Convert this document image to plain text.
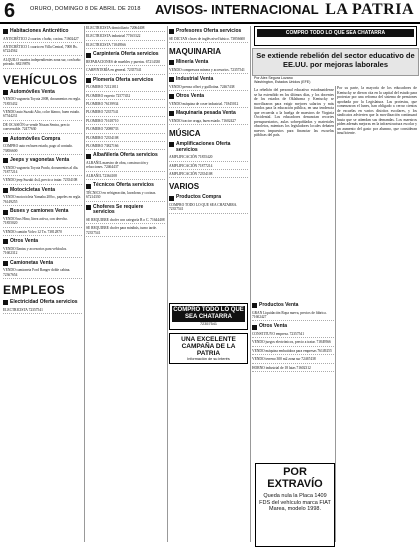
6	ORURO, DOMINGO 8 DE ABRIL DE 2018 AVISOS- INTERNACIONAL LA PATRIA
Habitaciones Anticrético
ANTICRÉTICO 2 cuartos c baño, cocina. 71602427
ANTICRÉTICO 1 cuarto en Villa Central, 7000 Bs. 67224562
ALQUILO cuartos independientes zona sur, con baño privado. 68219876
VEHÍCULOS
Automóviles Venta
VENDO vagoneta Toyota 2008, documentos en regla. 71855432
VENDO auto Suzuki Alto, color blanco, buen estado. 67544231
DE OCASIÓN se vende Nissan Sentra, precio conversable. 72477630
Automóviles Compra
COMPRO auto en buen estado, pago al contado. 73856600
Jeeps y vagonetas Venta
VENDO vagoneta Toyota Prado, documentos al día. 71877214
VENDO jeep Suzuki 4x4, precio a tratar. 72354108
Motocicletas Venta
VENDO motocicleta Yamaha 200cc, papeles en regla. 76149255
Buses y camiones Venta
VENDO bus Hino, línea activa, con derecho. 71855020
VENDO camión Volvo 12 Tn. 73812870
Otros Venta
VENDO llantas y accesorios para vehículos. 71602312
Camionetas Venta
VENDO camioneta Ford Ranger doble cabina. 72367654
EMPLEOS
Electricidad Oferta servicios
ELECTRICISTA 72357541
ELECTRICISTA domiciliario 72064408
ELECTRICISTA industrial 77165322
ELECTRICISTA 71849566
Carpintería Oferta servicios
REPARACIONES de muebles y puertas. 67214330
CARPINTERÍA en general. 72357541
Plomería Oferta servicios
PLOMERO 72121811
PLOMERO experto 72577452
PLOMERO 76139934
PLOMERO 72357541
PLOMERO 71618710
PLOMERO 72088733
PLOMERO 72354108
PLOMERO 73827166
Albañilería Oferta servicios
ALBAÑIL maestro de obra, construcción y refacciones. 72464437
ALBAÑIL 72364108
Técnicos Oferta servicios
TÉCNICO en refrigeración, lavadoras y cocinas. 67214330
Choferes Se requiere servicios
SE REQUIERE chofer con categoría B o C. 71644408
SE REQUIERE chofer para minibús, turno tarde. 72357541
Profesores Oferta servicios
SE DICTAN clases de inglés nivel básico. 73856600
MAQUINARIA
Minería Venta
VENDO compresora minera y accesorios. 72357541
Industrial Venta
VENDO prensa offset y guillotina. 72467438
Otros Venta
VENDO máquina de coser industrial. 71845012
Maquinaria pesada Venta
VENDO tractor oruga, buen estado. 71602427
MÚSICA
Amplificaciones Oferta servicios
AMPLIFICACIÓN 71855420
AMPLIFICACIÓN 71877214
AMPLIFICACIÓN 72354108
VARIOS
Productos Compra
COMPRO TODO LO QUE SEA CHATARRA. 72357541
COMPRO TODO LO QUE SEA CHATARRA
72357541
UNA EXCELENTE CAMPAÑA DE LA PATRIA
Información de su interés
Productos Venta
GRAN Liquidación Ropa nueva, precios de fábrica. 71602427
Otros Venta
CONSTITUYO empresa. 72357541
VENDO juegos electrónicos, precio a tratar. 71849566
VENDO máquina embutidora para empresas 76149255
VENDO terreno 300 m2 zona sur 72467438
HORNO industrial de 18 latas 71602312
POR EXTRAVÍO
Queda nula la Placa 1409 FDS del vehículo marca FIAT Marea, modelo 1998.
COMPRO TODO LO QUE SEA CHATARRA
Se extiende rebelión del sector educativo de EE.UU. por mejoras laborales
Por Alex Segura Lozano
Washington, Estados Unidos (EFE)
La rebelión del personal educativo estadounidense se ha extendido en los últimos días, y los docentes de los estados de Oklahoma y Kentucky se movilizaron para exigir mejores salarios y más fondos para la educación pública, en una tendencia que recuerda a la huelga de maestros de Virginia Occidental. Los educadores denuncian recortes presupuestarios, aulas sobrepobladas y materiales obsoletos, mientras los legisladores locales debaten nuevos impuestos para financiar las escuelas públicas del país.
Por su parte, la mayoría de los educadores de Kentucky se dieron cita en la capital del estado para protestar por una reforma del sistema de pensiones aprobada por la Legislatura. Las protestas, que comenzaron el lunes, han obligado a cerrar cientos de escuelas en varios distritos escolares, y los sindicatos advierten que la movilización continuará hasta que se atiendan sus demandas. Los maestros piden además mejoras en la infraestructura escolar y un aumento del gasto por alumno, que consideran insuficiente.
